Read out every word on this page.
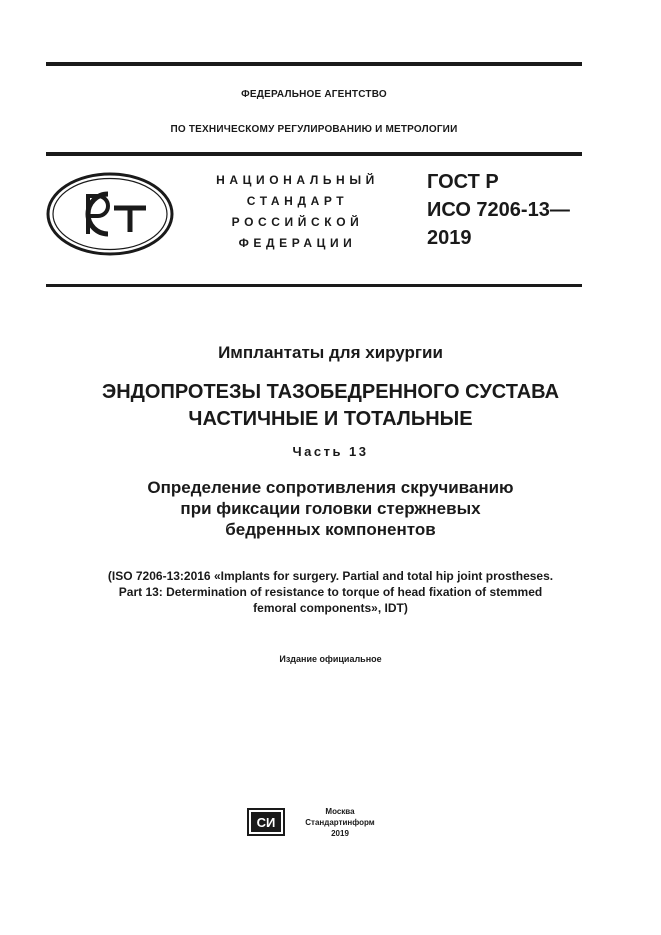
ФЕДЕРАЛЬНОЕ АГЕНТСТВО
ПО ТЕХНИЧЕСКОМУ РЕГУЛИРОВАНИЮ И МЕТРОЛОГИИ
НАЦИОНАЛЬНЫЙ
СТАНДАРТ
РОССИЙСКОЙ
ФЕДЕРАЦИИ
ГОСТ Р
ИСО 7206-13—
2019
Имплантаты для хирургии
ЭНДОПРОТЕЗЫ ТАЗОБЕДРЕННОГО СУСТАВА
ЧАСТИЧНЫЕ И ТОТАЛЬНЫЕ
Часть 13
Определение сопротивления скручиванию
при фиксации головки стержневых
бедренных компонентов
(ISO 7206-13:2016 «Implants for surgery. Partial and total hip joint prostheses.
Part 13: Determination of resistance to torque of head fixation of stemmed
femoral components», IDT)
Издание официальное
СИ
Москва
Стандартинформ
2019
